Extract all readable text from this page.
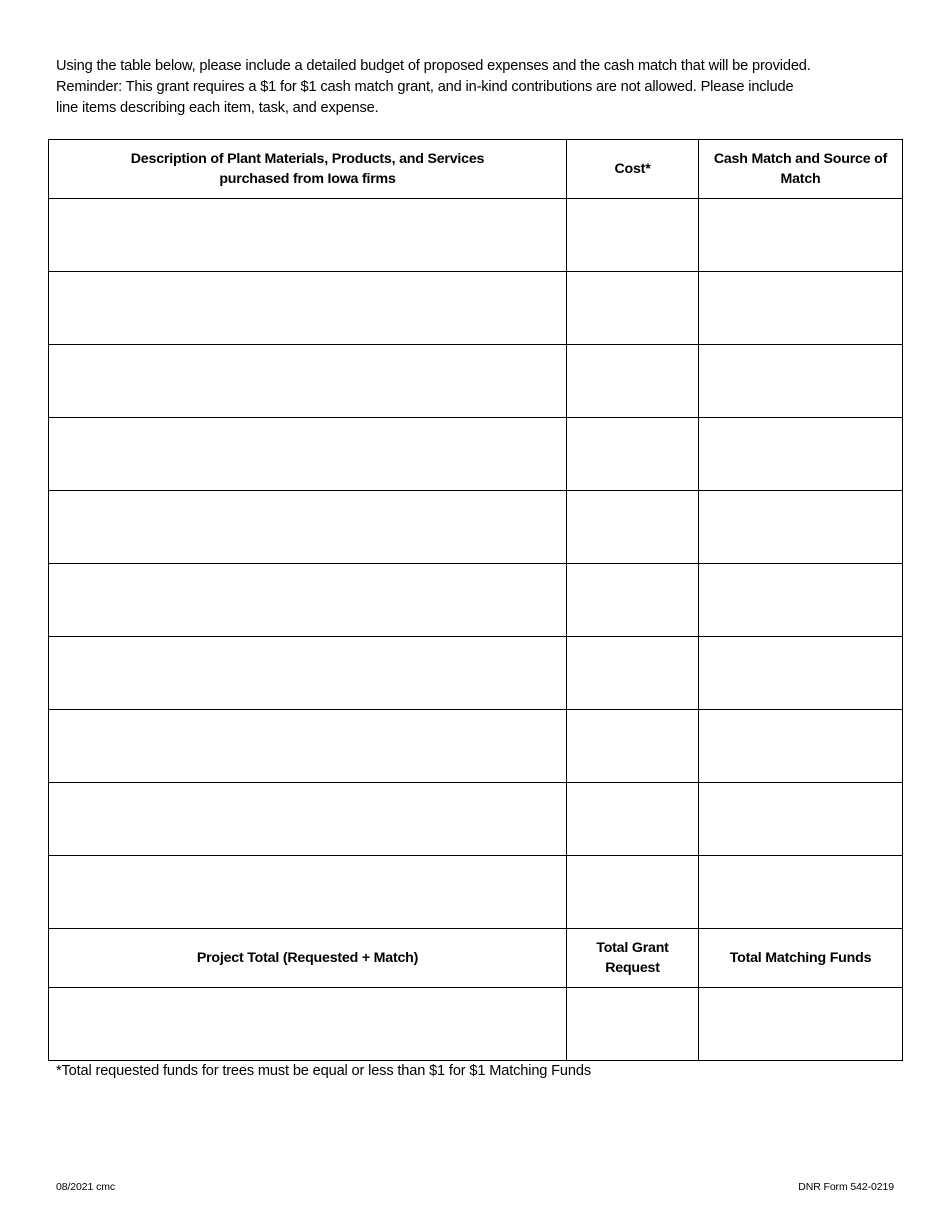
Using the table below, please include a detailed budget of proposed expenses and the cash match that will be provided.

Reminder: This grant requires a $1 for $1 cash match grant, and in-kind contributions are not allowed. Please include

line items describing each item, task, and expense.

Description of Plant Materials, Products, and Services
purchased from Iowa firms	Cost*	Cash Match and Source of
Match

Project Total (Requested + Match)	Total Grant
Request	Total Matching Funds

*Total requested funds for trees must be equal or less than $1 for $1 Matching Funds
08/2021 cmc	DNR Form 542-0219
